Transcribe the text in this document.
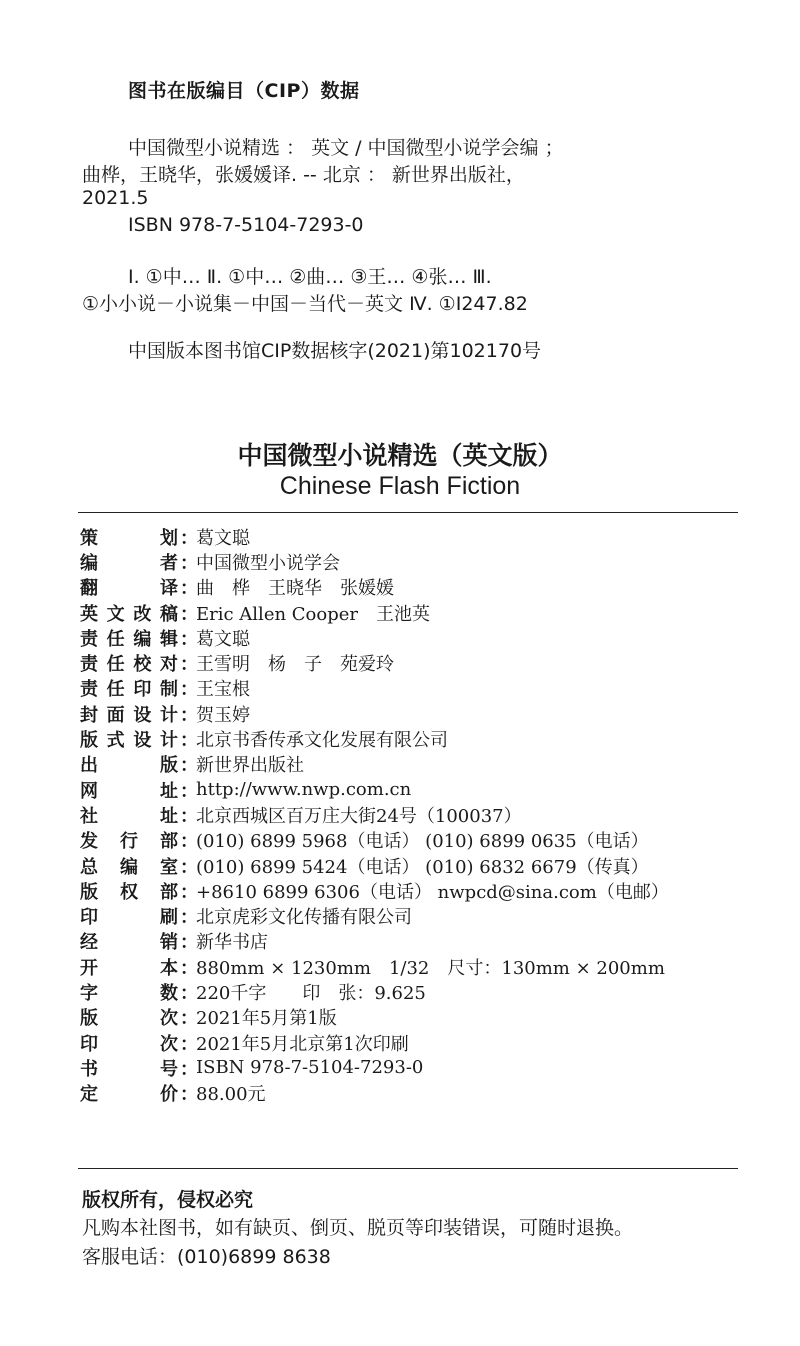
图书在版编目（CIP）数据
中国微型小说精选 ： 英文 / 中国微型小说学会编 ；
曲桦，王晓华，张媛媛译. -- 北京 ： 新世界出版社，
2021.5
ISBN 978-7-5104-7293-0
Ⅰ. ①中… Ⅱ. ①中… ②曲… ③王… ④张… Ⅲ.
①小小说－小说集－中国－当代－英文 Ⅳ. ①I247.82
中国版本图书馆CIP数据核字(2021)第102170号
中国微型小说精选（英文版）
Chinese Flash Fiction
策划 ：
葛文聪
编者 ：
中国微型小说学会
翻译 ：
曲　桦　王晓华　张媛媛
英文改稿 ：
Eric Allen Cooper　王池英
责任编辑 ：
葛文聪
责任校对 ：
王雪明　杨　子　苑爱玲
责任印制 ：
王宝根
封面设计 ：
贺玉婷
版式设计 ：
北京书香传承文化发展有限公司
出版 ：
新世界出版社
网址 ：
http://www.nwp.com.cn
社址 ：
北京西城区百万庄大街24号（100037）
发行部 ：
(010) 6899 5968（电话） (010) 6899 0635（电话）
总编室 ：
(010) 6899 5424（电话） (010) 6832 6679（传真）
版权部 ：
+8610 6899 6306（电话） nwpcd@sina.com（电邮）
印刷 ：
北京虎彩文化传播有限公司
经销 ：
新华书店
开本 ：
880mm × 1230mm　1/32　尺寸：130mm × 200mm
字数 ：
220千字　　印　张：9.625
版次 ：
2021年5月第1版
印次 ：
2021年5月北京第1次印刷
书号 ：
ISBN 978-7-5104-7293-0
定价 ：
88.00元
版权所有，侵权必究
凡购本社图书，如有缺页、倒页、脱页等印装错误，可随时退换。
客服电话：(010)6899 8638
